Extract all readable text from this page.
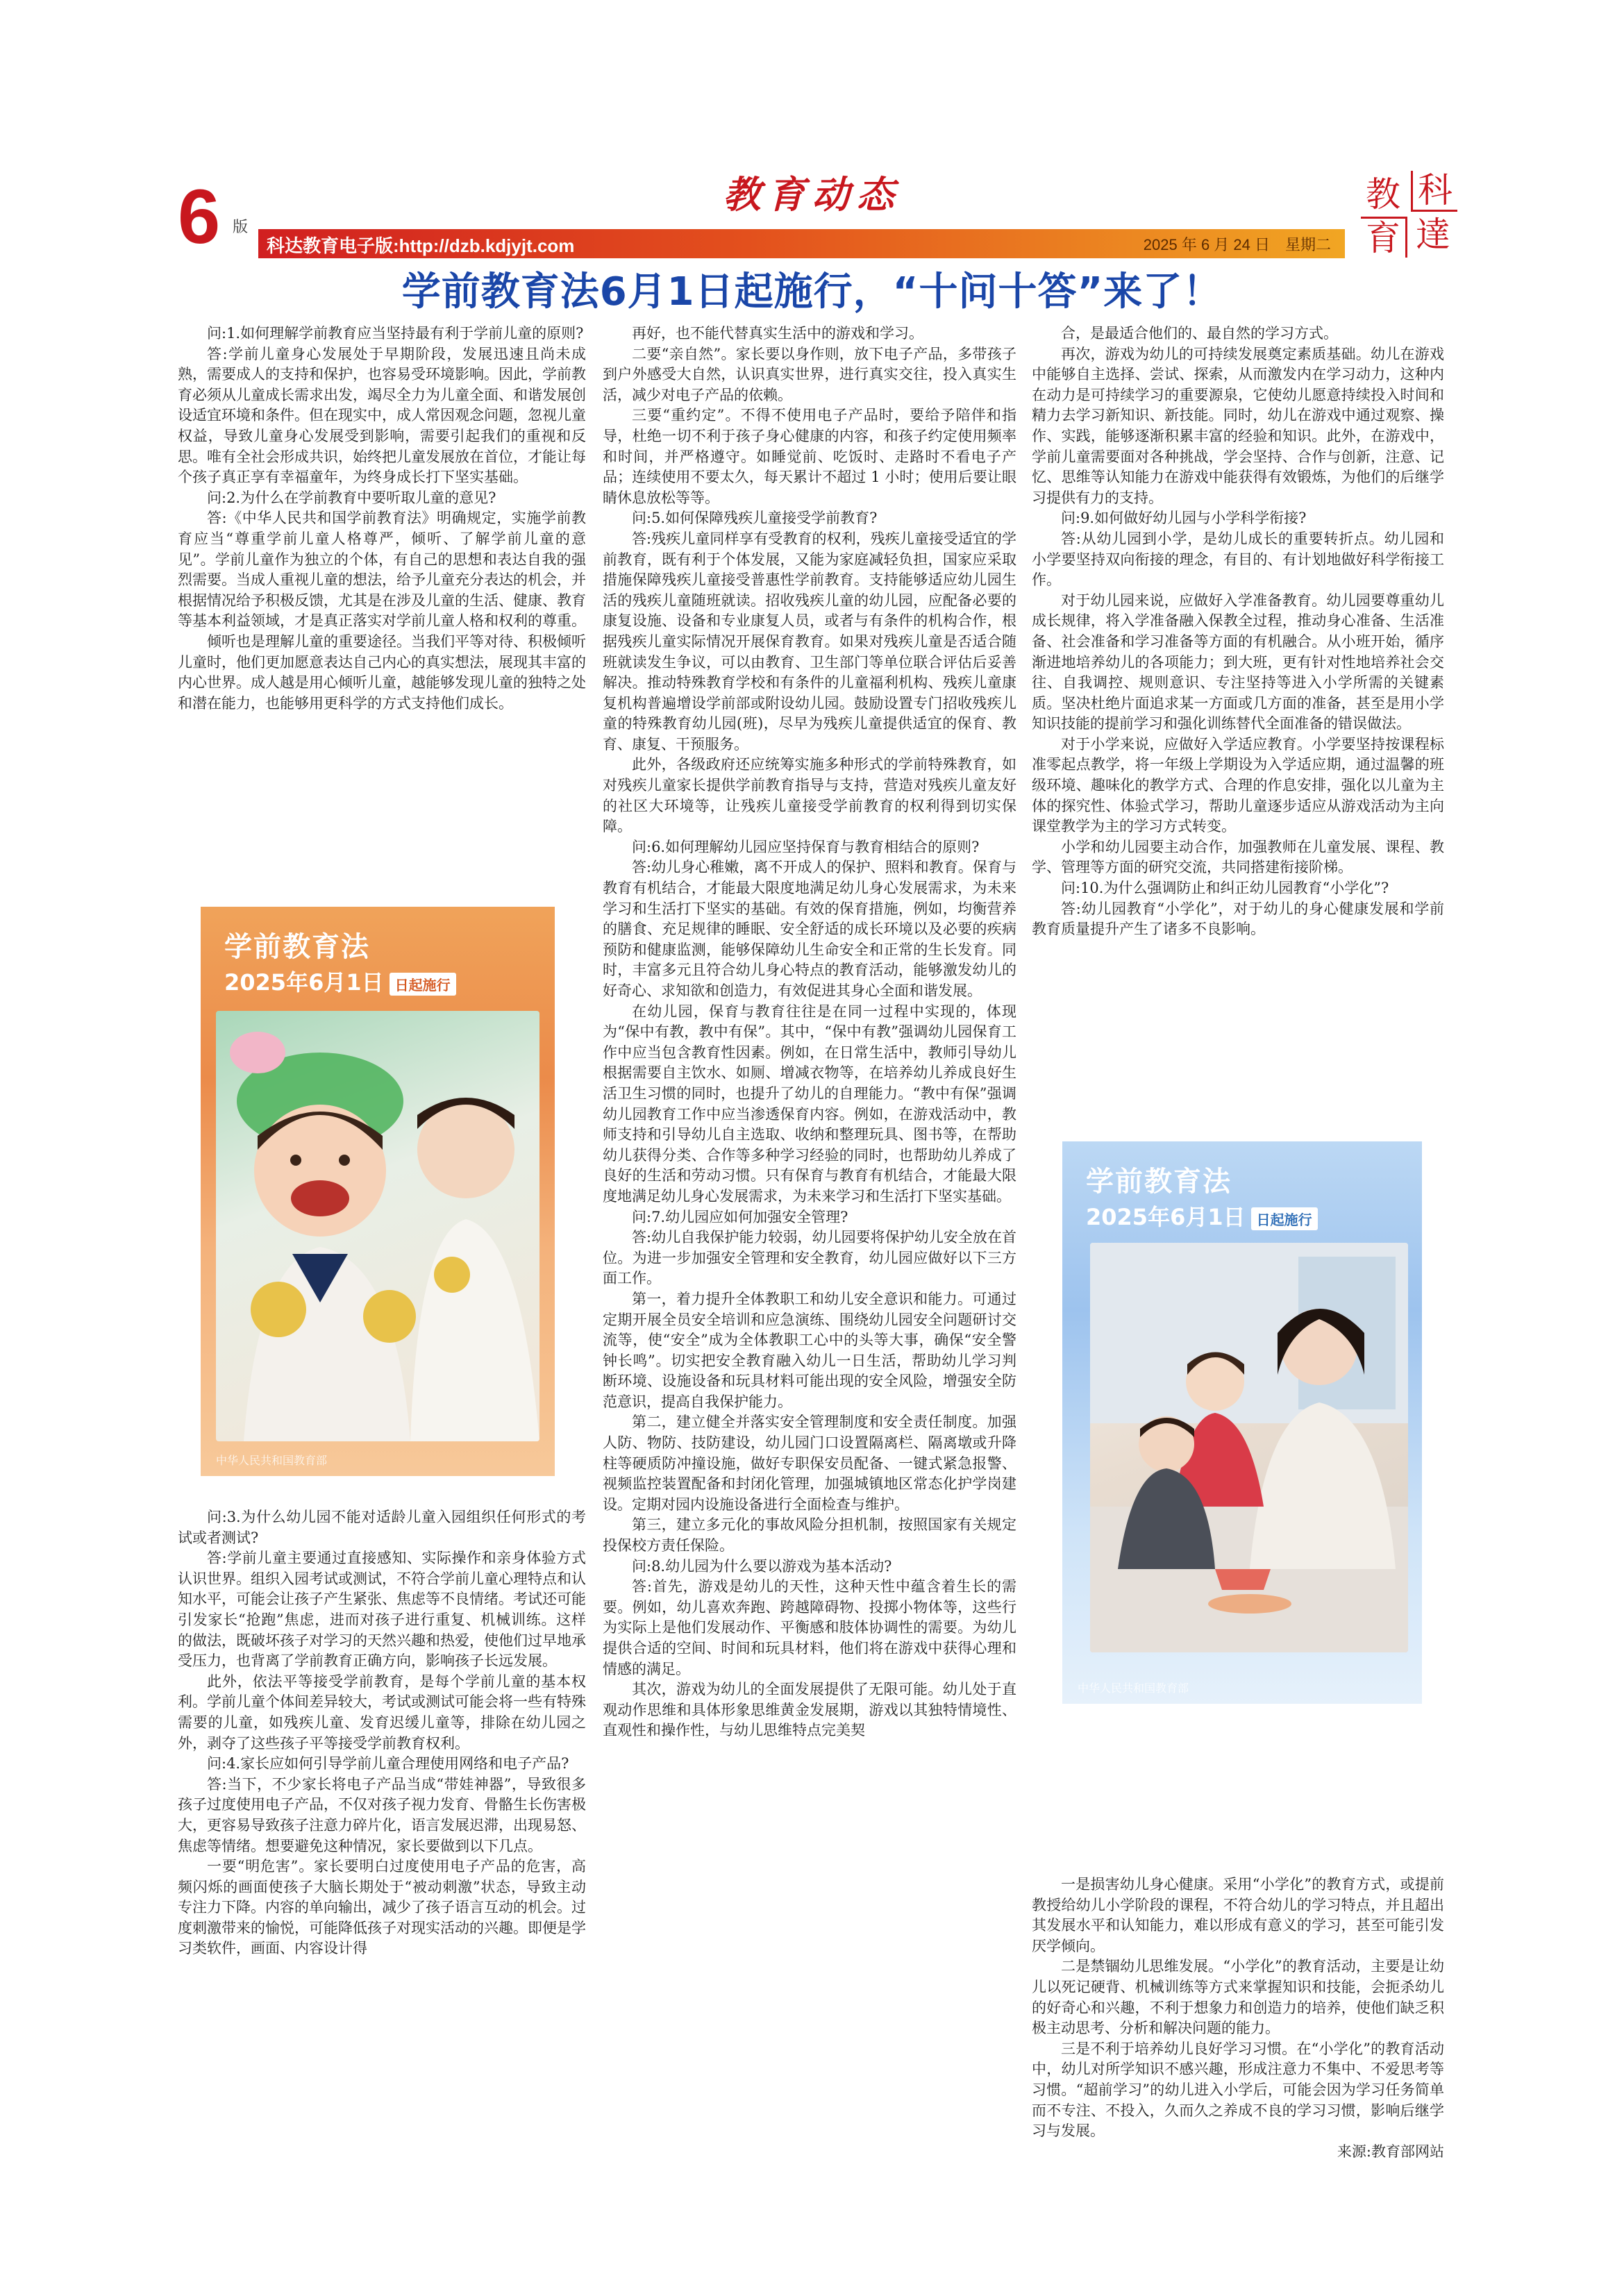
6 版
教育动态
科达教育电子版:http://dzb.kdjyjt.com	2025 年 6 月 24 日　星期二
教 科
育 達
学前教育法6月1日起施行，“十问十答”来了！

问:1.如何理解学前教育应当坚持最有利于学前儿童的原则?

答:学前儿童身心发展处于早期阶段，发展迅速且尚未成熟，需要成人的支持和保护，也容易受环境影响。因此，学前教育必须从儿童成长需求出发，竭尽全力为儿童全面、和谐发展创设适宜环境和条件。但在现实中，成人常因观念问题，忽视儿童权益，导致儿童身心发展受到影响，需要引起我们的重视和反思。唯有全社会形成共识，始终把儿童发展放在首位，才能让每个孩子真正享有幸福童年，为终身成长打下坚实基础。

问:2.为什么在学前教育中要听取儿童的意见?

答:《中华人民共和国学前教育法》明确规定，实施学前教育应当“尊重学前儿童人格尊严，倾听、了解学前儿童的意见”。学前儿童作为独立的个体，有自己的思想和表达自我的强烈需要。当成人重视儿童的想法，给予儿童充分表达的机会，并根据情况给予积极反馈，尤其是在涉及儿童的生活、健康、教育等基本利益领域，才是真正落实对学前儿童人格和权利的尊重。

倾听也是理解儿童的重要途径。当我们平等对待、积极倾听儿童时，他们更加愿意表达自己内心的真实想法，展现其丰富的内心世界。成人越是用心倾听儿童，越能够发现儿童的独特之处和潜在能力，也能够用更科学的方式支持他们成长。

学前教育法
2025年6月1日 日起施行
中华人民共和国教育部

问:3.为什么幼儿园不能对适龄儿童入园组织任何形式的考试或者测试?

答:学前儿童主要通过直接感知、实际操作和亲身体验方式认识世界。组织入园考试或测试，不符合学前儿童心理特点和认知水平，可能会让孩子产生紧张、焦虑等不良情绪。考试还可能引发家长“抢跑”焦虑，进而对孩子进行重复、机械训练。这样的做法，既破坏孩子对学习的天然兴趣和热爱，使他们过早地承受压力，也背离了学前教育正确方向，影响孩子长远发展。

此外，依法平等接受学前教育，是每个学前儿童的基本权利。学前儿童个体间差异较大，考试或测试可能会将一些有特殊需要的儿童，如残疾儿童、发育迟缓儿童等，排除在幼儿园之外，剥夺了这些孩子平等接受学前教育权利。

问:4.家长应如何引导学前儿童合理使用网络和电子产品?

答:当下，不少家长将电子产品当成“带娃神器”，导致很多孩子过度使用电子产品，不仅对孩子视力发育、骨骼生长伤害极大，更容易导致孩子注意力碎片化，语言发展迟滞，出现易怒、焦虑等情绪。想要避免这种情况，家长要做到以下几点。

一要“明危害”。家长要明白过度使用电子产品的危害，高频闪烁的画面使孩子大脑长期处于“被动刺激”状态，导致主动专注力下降。内容的单向输出，减少了孩子语言互动的机会。过度刺激带来的愉悦，可能降低孩子对现实活动的兴趣。即便是学习类软件，画面、内容设计得

再好，也不能代替真实生活中的游戏和学习。

二要“亲自然”。家长要以身作则，放下电子产品，多带孩子到户外感受大自然，认识真实世界，进行真实交往，投入真实生活，减少对电子产品的依赖。

三要“重约定”。不得不使用电子产品时，要给予陪伴和指导，杜绝一切不利于孩子身心健康的内容，和孩子约定使用频率和时间，并严格遵守。如睡觉前、吃饭时、走路时不看电子产品；连续使用不要太久，每天累计不超过 1 小时；使用后要让眼睛休息放松等等。

问:5.如何保障残疾儿童接受学前教育?

答:残疾儿童同样享有受教育的权利，残疾儿童接受适宜的学前教育，既有利于个体发展，又能为家庭减轻负担，国家应采取措施保障残疾儿童接受普惠性学前教育。支持能够适应幼儿园生活的残疾儿童随班就读。招收残疾儿童的幼儿园，应配备必要的康复设施、设备和专业康复人员，或者与有条件的机构合作，根据残疾儿童实际情况开展保育教育。如果对残疾儿童是否适合随班就读发生争议，可以由教育、卫生部门等单位联合评估后妥善解决。推动特殊教育学校和有条件的儿童福利机构、残疾儿童康复机构普遍增设学前部或附设幼儿园。鼓励设置专门招收残疾儿童的特殊教育幼儿园(班)，尽早为残疾儿童提供适宜的保育、教育、康复、干预服务。

此外，各级政府还应统筹实施多种形式的学前特殊教育，如对残疾儿童家长提供学前教育指导与支持，营造对残疾儿童友好的社区大环境等，让残疾儿童接受学前教育的权利得到切实保障。

问:6.如何理解幼儿园应坚持保育与教育相结合的原则?

答:幼儿身心稚嫩，离不开成人的保护、照料和教育。保育与教育有机结合，才能最大限度地满足幼儿身心发展需求，为未来学习和生活打下坚实的基础。有效的保育措施，例如，均衡营养的膳食、充足规律的睡眠、安全舒适的成长环境以及必要的疾病预防和健康监测，能够保障幼儿生命安全和正常的生长发育。同时，丰富多元且符合幼儿身心特点的教育活动，能够激发幼儿的好奇心、求知欲和创造力，有效促进其身心全面和谐发展。

在幼儿园，保育与教育往往是在同一过程中实现的，体现为“保中有教，教中有保”。其中，“保中有教”强调幼儿园保育工作中应当包含教育性因素。例如，在日常生活中，教师引导幼儿根据需要自主饮水、如厕、增减衣物等，在培养幼儿养成良好生活卫生习惯的同时，也提升了幼儿的自理能力。“教中有保”强调幼儿园教育工作中应当渗透保育内容。例如，在游戏活动中，教师支持和引导幼儿自主选取、收纳和整理玩具、图书等，在帮助幼儿获得分类、合作等多种学习经验的同时，也帮助幼儿养成了良好的生活和劳动习惯。只有保育与教育有机结合，才能最大限度地满足幼儿身心发展需求，为未来学习和生活打下坚实基础。

问:7.幼儿园应如何加强安全管理?

答:幼儿自我保护能力较弱，幼儿园要将保护幼儿安全放在首位。为进一步加强安全管理和安全教育，幼儿园应做好以下三方面工作。

第一，着力提升全体教职工和幼儿安全意识和能力。可通过定期开展全员安全培训和应急演练、围绕幼儿园安全问题研讨交流等，使“安全”成为全体教职工心中的头等大事，确保“安全警钟长鸣”。切实把安全教育融入幼儿一日生活，帮助幼儿学习判断环境、设施设备和玩具材料可能出现的安全风险，增强安全防范意识，提高自我保护能力。

第二，建立健全并落实安全管理制度和安全责任制度。加强人防、物防、技防建设，幼儿园门口设置隔离栏、隔离墩或升降柱等硬质防冲撞设施，做好专职保安员配备、一键式紧急报警、视频监控装置配备和封闭化管理，加强城镇地区常态化护学岗建设。定期对园内设施设备进行全面检查与维护。

第三，建立多元化的事故风险分担机制，按照国家有关规定投保校方责任保险。

问:8.幼儿园为什么要以游戏为基本活动?

答:首先，游戏是幼儿的天性，这种天性中蕴含着生长的需要。例如，幼儿喜欢奔跑、跨越障碍物、投掷小物体等，这些行为实际上是他们发展动作、平衡感和肢体协调性的需要。为幼儿提供合适的空间、时间和玩具材料，他们将在游戏中获得心理和情感的满足。

其次，游戏为幼儿的全面发展提供了无限可能。幼儿处于直观动作思维和具体形象思维黄金发展期，游戏以其独特情境性、直观性和操作性，与幼儿思维特点完美契

合，是最适合他们的、最自然的学习方式。

再次，游戏为幼儿的可持续发展奠定素质基础。幼儿在游戏中能够自主选择、尝试、探索，从而激发内在学习动力，这种内在动力是可持续学习的重要源泉，它使幼儿愿意持续投入时间和精力去学习新知识、新技能。同时，幼儿在游戏中通过观察、操作、实践，能够逐渐积累丰富的经验和知识。此外，在游戏中，学前儿童需要面对各种挑战，学会坚持、合作与创新，注意、记忆、思维等认知能力在游戏中能获得有效锻炼，为他们的后继学习提供有力的支持。

问:9.如何做好幼儿园与小学科学衔接?

答:从幼儿园到小学，是幼儿成长的重要转折点。幼儿园和小学要坚持双向衔接的理念，有目的、有计划地做好科学衔接工作。

对于幼儿园来说，应做好入学准备教育。幼儿园要尊重幼儿成长规律，将入学准备融入保教全过程，推动身心准备、生活准备、社会准备和学习准备等方面的有机融合。从小班开始，循序渐进地培养幼儿的各项能力；到大班，更有针对性地培养社会交往、自我调控、规则意识、专注坚持等进入小学所需的关键素质。坚决杜绝片面追求某一方面或几方面的准备，甚至是用小学知识技能的提前学习和强化训练替代全面准备的错误做法。

对于小学来说，应做好入学适应教育。小学要坚持按课程标准零起点教学，将一年级上学期设为入学适应期，通过温馨的班级环境、趣味化的教学方式、合理的作息安排，强化以儿童为主体的探究性、体验式学习，帮助儿童逐步适应从游戏活动为主向课堂教学为主的学习方式转变。

小学和幼儿园要主动合作，加强教师在儿童发展、课程、教学、管理等方面的研究交流，共同搭建衔接阶梯。

问:10.为什么强调防止和纠正幼儿园教育“小学化”?

答:幼儿园教育“小学化”，对于幼儿的身心健康发展和学前教育质量提升产生了诸多不良影响。

学前教育法
2025年6月1日 日起施行
中华人民共和国教育部

一是损害幼儿身心健康。采用“小学化”的教育方式，或提前教授给幼儿小学阶段的课程，不符合幼儿的学习特点，并且超出其发展水平和认知能力，难以形成有意义的学习，甚至可能引发厌学倾向。

二是禁锢幼儿思维发展。“小学化”的教育活动，主要是让幼儿以死记硬背、机械训练等方式来掌握知识和技能，会扼杀幼儿的好奇心和兴趣，不利于想象力和创造力的培养，使他们缺乏积极主动思考、分析和解决问题的能力。

三是不利于培养幼儿良好学习习惯。在“小学化”的教育活动中，幼儿对所学知识不感兴趣，形成注意力不集中、不爱思考等习惯。“超前学习”的幼儿进入小学后，可能会因为学习任务简单而不专注、不投入，久而久之养成不良的学习习惯，影响后继学习与发展。

来源:教育部网站
